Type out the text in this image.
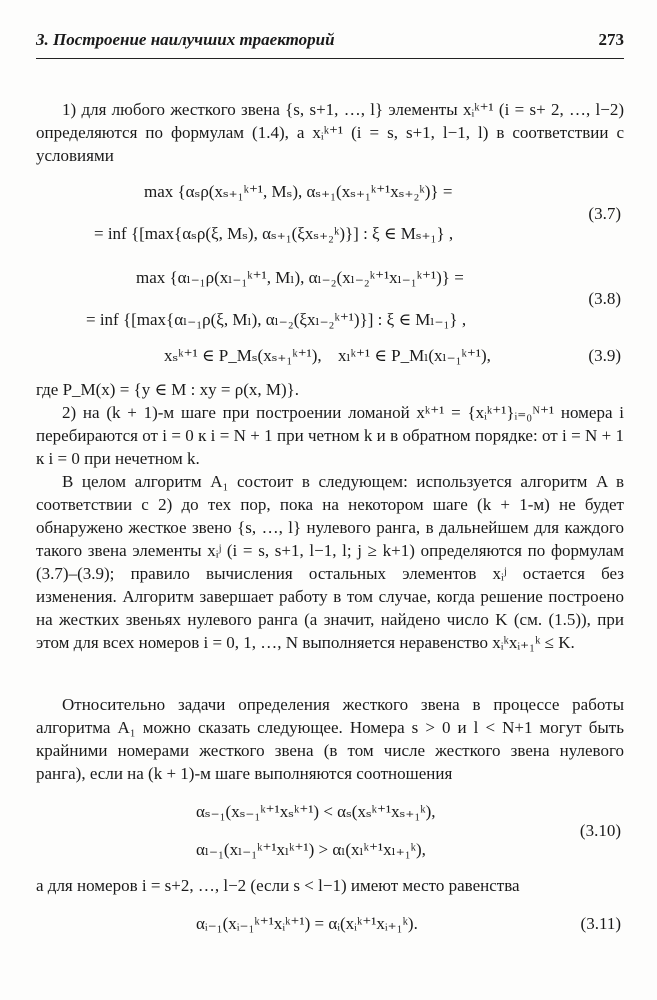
3. Построение наилучших траекторий	273

1) для любого жесткого звена {s, s+1, …, l} элементы xᵢᵏ⁺¹ (i = s+ 2, …, l−2) определяются по формулам (1.4), а xᵢᵏ⁺¹ (i = s, s+1, l−1, l) в соответствии с условиями

max {αₛρ(xₛ₊₁ᵏ⁺¹, Mₛ), αₛ₊₁(xₛ₊₁ᵏ⁺¹xₛ₊₂ᵏ)} =
= inf {[max{αₛρ(ξ, Mₛ), αₛ₊₁(ξxₛ₊₂ᵏ)}] : ξ ∈ Mₛ₊₁} ,
(3.7)
max {αₗ₋₁ρ(xₗ₋₁ᵏ⁺¹, Mₗ), αₗ₋₂(xₗ₋₂ᵏ⁺¹xₗ₋₁ᵏ⁺¹)} =
= inf {[max{αₗ₋₁ρ(ξ, Mₗ), αₗ₋₂(ξxₗ₋₂ᵏ⁺¹)}] : ξ ∈ Mₗ₋₁} ,
(3.8)
xₛᵏ⁺¹ ∈ P_Mₛ(xₛ₊₁ᵏ⁺¹), xₗᵏ⁺¹ ∈ P_Mₗ(xₗ₋₁ᵏ⁺¹),	(3.9)

где P_M(x) = {y ∈ M : xy = ρ(x, M)}.

2) на (k + 1)-м шаге при построении ломаной xᵏ⁺¹ = {xᵢᵏ⁺¹}ᵢ₌₀ᴺ⁺¹ номера i перебираются от i = 0 к i = N + 1 при четном k и в обратном порядке: от i = N + 1 к i = 0 при нечетном k.

В целом алгоритм A₁ состоит в следующем: используется алгоритм A в соответствии с 2) до тех пор, пока на некотором шаге (k + 1-м) не будет обнаружено жесткое звено {s, …, l} нулевого ранга, в дальнейшем для каждого такого звена элементы xᵢʲ (i = s, s+1, l−1, l; j ≥ k+1) определяются по формулам (3.7)–(3.9); правило вычисления остальных элементов xᵢʲ остается без изменения. Алгоритм завершает работу в том случае, когда решение построено на жестких звеньях нулевого ранга (а значит, найдено число K (см. (1.5)), при этом для всех номеров i = 0, 1, …, N выполняется неравенство xᵢᵏxᵢ₊₁ᵏ ≤ K.

Относительно задачи определения жесткого звена в процессе работы алгоритма A₁ можно сказать следующее. Номера s > 0 и l < N+1 могут быть крайними номерами жесткого звена (в том числе жесткого звена нулевого ранга), если на (k + 1)-м шаге выполняются соотношения

αₛ₋₁(xₛ₋₁ᵏ⁺¹xₛᵏ⁺¹) < αₛ(xₛᵏ⁺¹xₛ₊₁ᵏ),
αₗ₋₁(xₗ₋₁ᵏ⁺¹xₗᵏ⁺¹) > αₗ(xₗᵏ⁺¹xₗ₊₁ᵏ),
(3.10)

а для номеров i = s+2, …, l−2 (если s < l−1) имеют место равенства

αᵢ₋₁(xᵢ₋₁ᵏ⁺¹xᵢᵏ⁺¹) = αᵢ(xᵢᵏ⁺¹xᵢ₊₁ᵏ).	(3.11)
